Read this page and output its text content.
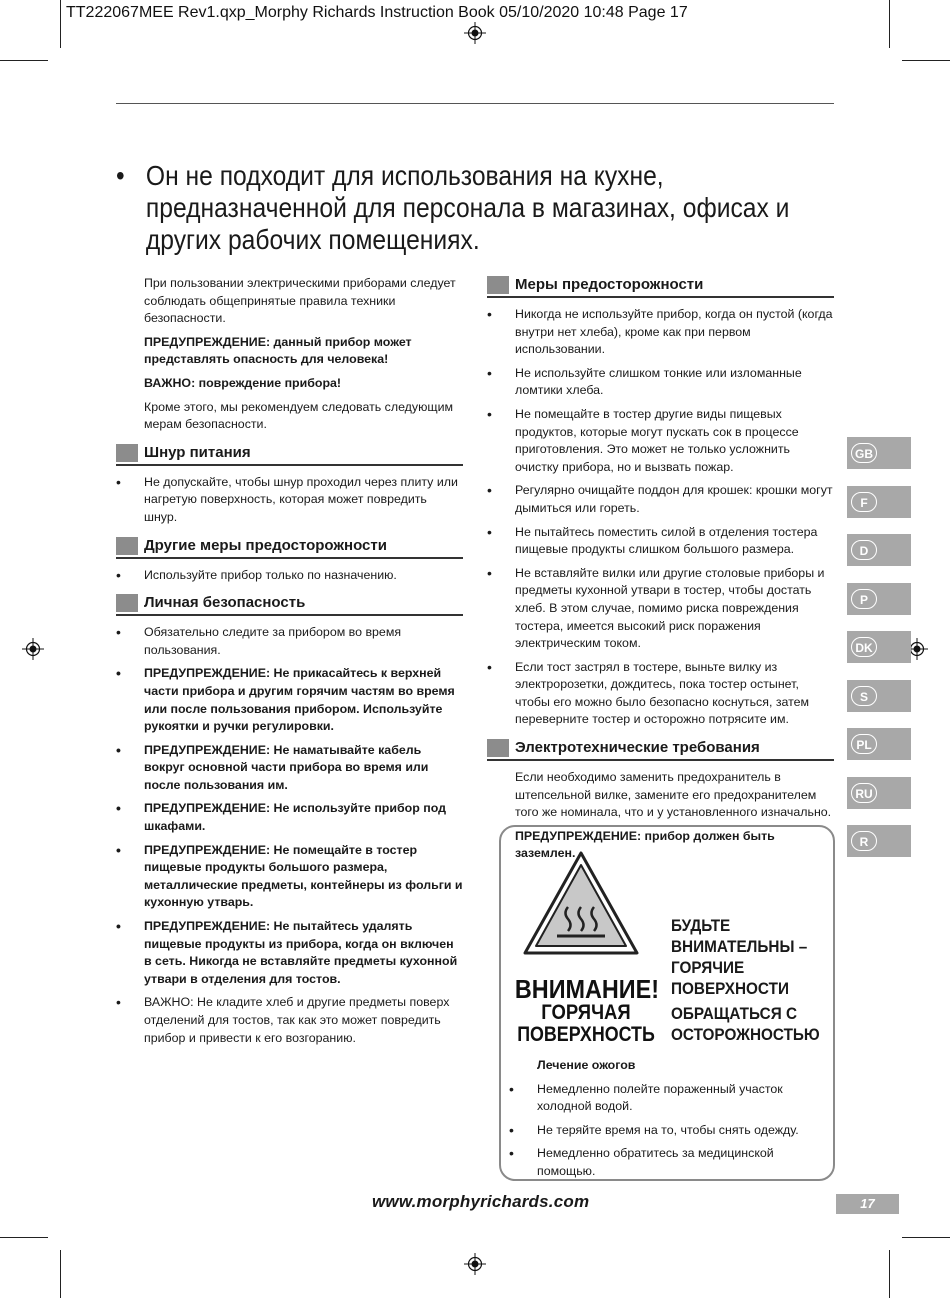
TT222067MEE Rev1.qxp_Morphy Richards Instruction Book 05/10/2020 10:48 Page 17
• Он не подходит для использования на кухне, предназначенной для персонала в магазинах, офисах и других рабочих помещениях.

При пользовании электрическими приборами следует соблюдать общепринятые правила техники безопасности.

ПРЕДУПРЕЖДЕНИЕ: данный прибор может представлять опасность для человека!

ВАЖНО: повреждение прибора!

Кроме этого, мы рекомендуем следовать следующим мерам безопасности.

Шнур питания
• Не допускайте, чтобы шнур проходил через плиту или нагретую поверхность, которая может повредить шнур.
Другие меры предосторожности
• Используйте прибор только по назначению.
Личная безопасность
• Обязательно следите за прибором во время пользования.
• ПРЕДУПРЕЖДЕНИЕ: Не прикасайтесь к верхней части прибора и другим горячим частям во время или после пользования прибором. Используйте рукоятки и ручки регулировки.
• ПРЕДУПРЕЖДЕНИЕ: Не наматывайте кабель вокруг основной части прибора во время или после пользования им.
• ПРЕДУПРЕЖДЕНИЕ: Не используйте прибор под шкафами.
• ПРЕДУПРЕЖДЕНИЕ: Не помещайте в тостер пищевые продукты большого размера, металлические предметы, контейнеры из фольги и кухонную утварь.
• ПРЕДУПРЕЖДЕНИЕ: Не пытайтесь удалять пищевые продукты из прибора, когда он включен в сеть. Никогда не вставляйте предметы кухонной утвари в отделения для тостов.
• ВАЖНО: Не кладите хлеб и другие предметы поверх отделений для тостов, так как это может повредить прибор и привести к его возгоранию.
Меры предосторожности
• Никогда не используйте прибор, когда он пустой (когда внутри нет хлеба), кроме как при первом использовании.
• Не используйте слишком тонкие или изломанные ломтики хлеба.
• Не помещайте в тостер другие виды пищевых продуктов, которые могут пускать сок в процессе приготовления. Это может не только усложнить очистку прибора, но и вызвать пожар.
• Регулярно очищайте поддон для крошек: крошки могут дымиться или гореть.
• Не пытайтесь поместить силой в отделения тостера пищевые продукты слишком большого размера.
• Не вставляйте вилки или другие столовые приборы и предметы кухонной утвари в тостер, чтобы достать хлеб. В этом случае, помимо риска повреждения тостера, имеется высокий риск поражения электрическим током.
• Если тост застрял в тостере, выньте вилку из электророзетки, дождитесь, пока тостер остынет, чтобы его можно было безопасно коснуться, затем переверните тостер и осторожно потрясите им.
Электротехнические требования

Если необходимо заменить предохранитель в штепсельной вилке, замените его предохранителем того же номинала, что и у установленного изначально.

ПРЕДУПРЕЖДЕНИЕ: прибор должен быть заземлен.

ВНИМАНИЕ!
ГОРЯЧАЯ
ПОВЕРХНОСТЬ
БУДЬТЕ ВНИМАТЕЛЬНЫ – ГОРЯЧИЕ ПОВЕРХНОСТИ
ОБРАЩАТЬСЯ С ОСТОРОЖНОСТЬЮ

Лечение ожогов

• Немедленно полейте пораженный участок холодной водой.
• Не теряйте время на то, чтобы снять одежду.
• Немедленно обратитесь за медицинской помощью.
GB
F
D
P
DK
S
PL
RU
R
www.morphyrichards.com	17
